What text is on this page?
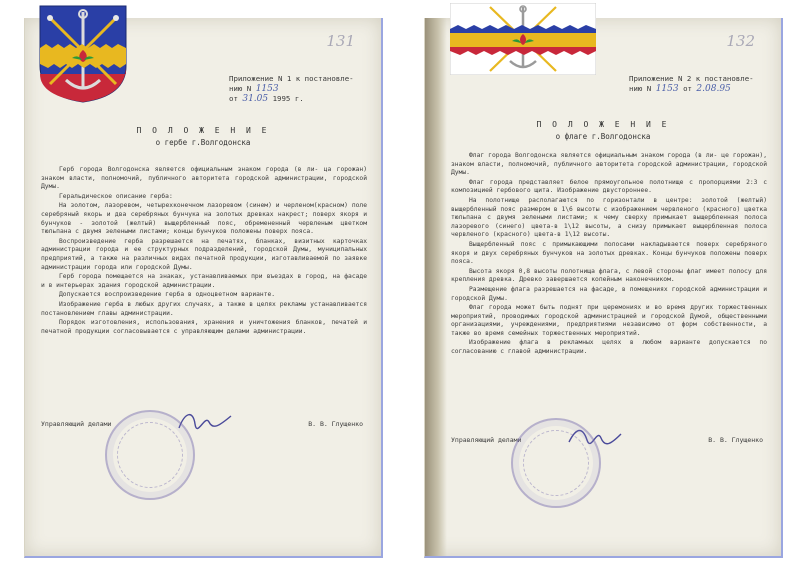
131
Приложение N 1 к постановле-
нию N 1153
от 31.05 1995 г.
П О Л О Ж Е Н И Е
о гербе г.Волгодонска

Герб города Волгодонска является официальным знаком города (в ли- ца горожан) знаком власти, полномочий, публичного авторитета городской администрации, городской Думы.

Геральдическое описание герба:

На золотом, лазоревом, четырехконечном лазоревом (синем) и черленом(красном) поле серебряный якорь и два серебряных бунчука на золотых древках накрест; поверх якоря и бунчуков - золотой (желтый) выщербленный пояс, обремененный червленым цветком тюльпана с двумя зелеными листами; концы бунчуков положены поверх пояса.

Воспроизведение герба разрешается на печатях, бланках, визитных карточках администрации города и ее структурных подразделений, городской Думы, муниципальных предприятий, а также на различных видах печатной продукции, изготавливаемой по заявке администрации города или городской Думы.

Герб города помещается на знаках, устанавливаемых при въездах в город, на фасаде и в интерьерах здания городской администрации.

Допускается воспроизведение герба в одноцветном варианте.

Изображение герба в любых других случаях, а также в целях рекламы устанавливается постановлением главы администрации.

Порядок изготовления, использования, хранения и уничтожения бланков, печатей и печатной продукции согласовывается с управляющим делами администрации.

Управляющий делами	В. В. Глущенко
132
Приложение N 2 к постановле-
нию N 1153 от 2.08.95
П О Л О Ж Е Н И Е
о флаге г.Волгодонска

Флаг города Волгодонска является официальным знаком города (в ли- це горожан), знаком власти, полномочий, публичного авторитета городской администрации, городской Думы.

Флаг города представляет белое прямоугольное полотнище с пропорциями 2:3 с композицией гербового щита. Изображение двустороннее.

На полотнище располагаются по горизонтали в центре: золотой (желтый) выщербленный пояс размером в 1\6 высоты с изображением червленого (красного) цветка тюльпана с двумя зелеными листами; к чему сверху примыкает выщербленная полоса лазоревого (синего) цвета-в 1\12 высоты, а снизу примыкает выщербленная полоса червленого (красного) цвета-в 1\12 высоты.

Выщербленный пояс с примыкающими полосами накладывается поверх серебряного якоря и двух серебряных бунчуков на золотых древках. Концы бунчуков положены поверх пояса.

Высота якоря 0,8 высоты полотнища флага, с левой стороны флаг имеет полосу для крепления древка. Древко завершается копейным наконечником.

Размещение флага разрешается на фасаде, в помещениях городской администрации и городской Думы.

Флаг города может быть поднят при церемониях и во время других торжественных мероприятий, проводимых городской администрацией и городской Думой, общественными организациями, учреждениями, предприятиями независимо от форм собственности, а также во время семейных торжественных мероприятий.

Изображение флага в рекламных целях в любом варианте допускается по согласованию с главой администрации.

Управляющий делами	В. В. Глущенко
